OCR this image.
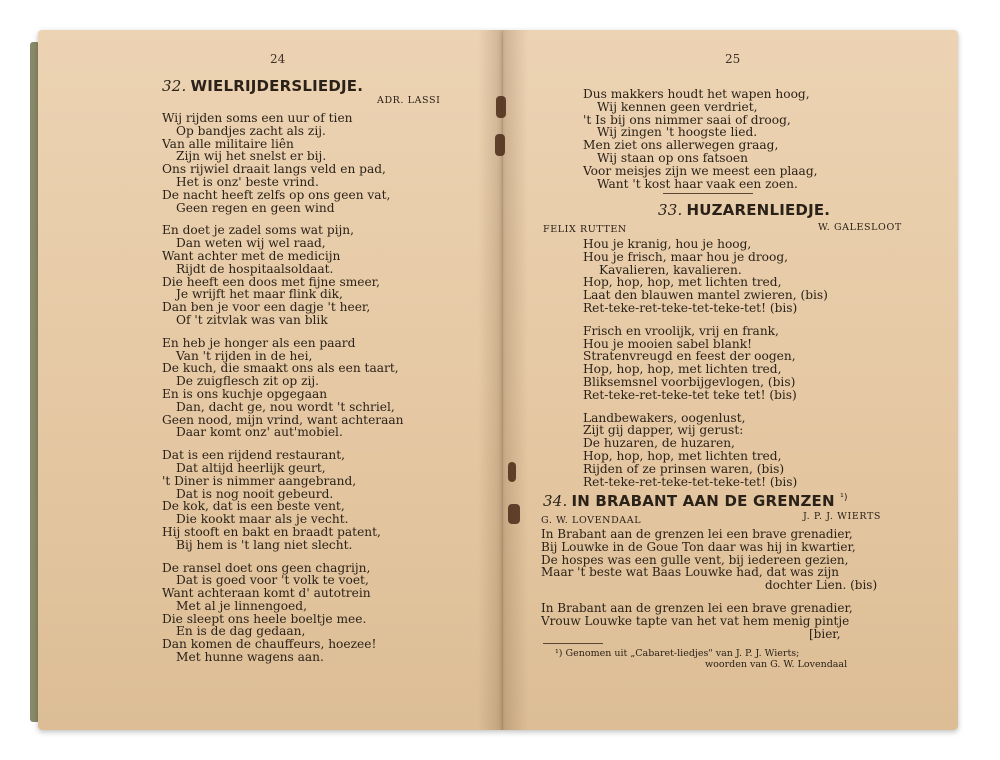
24
32. WIELRIJDERSLIEDJE.
ADR. LASSI

Wij rijden soms een uur of tien

Op bandjes zacht als zij.

Van alle militaire liên

Zijn wij het snelst er bij.

Ons rijwiel draait langs veld en pad,

Het is onz' beste vrind.

De nacht heeft zelfs op ons geen vat,

Geen regen en geen wind

En doet je zadel soms wat pijn,

Dan weten wij wel raad,

Want achter met de medicijn

Rijdt de hospitaalsoldaat.

Die heeft een doos met fijne smeer,

Je wrijft het maar flink dik,

Dan ben je voor een dagje 't heer,

Of 't zitvlak was van blik

En heb je honger als een paard

Van 't rijden in de hei,

De kuch, die smaakt ons als een taart,

De zuigflesch zit op zij.

En is ons kuchje opgegaan

Dan, dacht ge, nou wordt 't schriel,

Geen nood, mijn vrind, want achteraan

Daar komt onz' aut'mobiel.

Dat is een rijdend restaurant,

Dat altijd heerlijk geurt,

't Diner is nimmer aangebrand,

Dat is nog nooit gebeurd.

De kok, dat is een beste vent,

Die kookt maar als je vecht.

Hij stooft en bakt en braadt patent,

Bij hem is 't lang niet slecht.

De ransel doet ons geen chagrijn,

Dat is goed voor 't volk te voet,

Want achteraan komt d' autotrein

Met al je linnengoed,

Die sleept ons heele boeltje mee.

En is de dag gedaan,

Dan komen de chauffeurs, hoezee!

Met hunne wagens aan.

25

Dus makkers houdt het wapen hoog,

Wij kennen geen verdriet,

't Is bij ons nimmer saai of droog,

Wij zingen 't hoogste lied.

Men ziet ons allerwegen graag,

Wij staan op ons fatsoen

Voor meisjes zijn we meest een plaag,

Want 't kost haar vaak een zoen.

33. HUZARENLIEDJE.
FELIX RUTTEN	W. GALESLOOT

Hou je kranig, hou je hoog,

Hou je frisch, maar hou je droog,

Kavalieren, kavalieren.

Hop, hop, hop, met lichten tred,

Laat den blauwen mantel zwieren, (bis)

Ret-teke-ret-teke-tet-teke-tet! (bis)

Frisch en vroolijk, vrij en frank,

Hou je mooien sabel blank!

Stratenvreugd en feest der oogen,

Hop, hop, hop, met lichten tred,

Bliksemsnel voorbijgevlogen, (bis)

Ret-teke-ret-teke-tet teke tet! (bis)

Landbewakers, oogenlust,

Zijt gij dapper, wij gerust:

De huzaren, de huzaren,

Hop, hop, hop, met lichten tred,

Rijden of ze prinsen waren, (bis)

Ret-teke-ret-teke-tet-teke-tet! (bis)

34. IN BRABANT AAN DE GRENZEN $^{^1)}$
G. W. LOVENDAAL	J. P. J. WIERTS

In Brabant aan de grenzen lei een brave grenadier,

Bij Louwke in de Goue Ton daar was hij in kwartier,

De hospes was een gulle vent, bij iedereen gezien,

Maar 't beste wat Baas Louwke had, dat was zijn

dochter Lien. (bis)

In Brabant aan de grenzen lei een brave grenadier,

Vrouw Louwke tapte van het vat hem menig pintje

[bier,

¹) Genomen uit „Cabaret-liedjes" van J. P. J. Wierts;

woorden van G. W. Lovendaal
